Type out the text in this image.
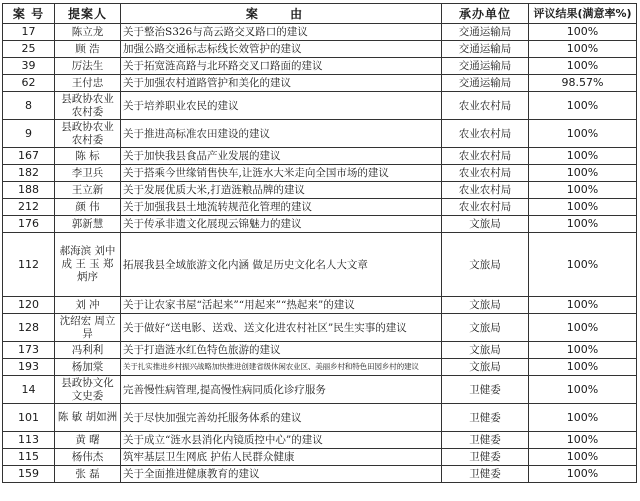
案 号	提案人	案 由	承办单位	评议结果(满意率%)
17	陈立龙	关于整治S326与高云路交叉路口的建议	交通运输局	100%
25	顾 浩	加强公路交通标志标线长效管护的建议	交通运输局	100%
39	厉法生	关于拓宽涟高路与北环路交叉口路面的建议	交通运输局	100%
62	王付忠	关于加强农村道路管护和美化的建议	交通运输局	98.57%
8	县政协农业农村委	关于培养职业农民的建议	农业农村局	100%
9	县政协农业农村委	关于推进高标准农田建设的建议	农业农村局	100%
167	陈 标	关于加快我县食品产业发展的建议	农业农村局	100%
182	李卫兵	关于搭乘今世缘销售快车,让涟水大米走向全国市场的建议	农业农村局	100%
188	王立新	关于发展优质大米,打造涟粮品牌的建议	农业农村局	100%
212	颜 伟	关于加强我县土地流转规范化管理的建议	农业农村局	100%
176	郭新慧	关于传承非遗文化展现云锦魅力的建议	文旅局	100%
112	郝海滨 刘中成 王 玉 郑炳序	拓展我县全域旅游文化内涵 做足历史文化名人大文章	文旅局	100%
120	刘 冲	关于让农家书屋“活起来”“用起来”“热起来”的建议	文旅局	100%
128	沈绍宏 周立异	关于做好“送电影、送戏、送文化进农村社区”民生实事的建议	文旅局	100%
173	冯利利	关于打造涟水红色特色旅游的建议	文旅局	100%
193	杨加棠	关于扎实推进乡村振兴战略加快推进创建省级休闲农业区、美丽乡村和特色田园乡村的建议	文旅局	100%
14	县政协文化文史委	完善慢性病管理,提高慢性病同质化诊疗服务	卫健委	100%
101	陈 敏 胡如洲	关于尽快加强完善幼托服务体系的建议	卫健委	100%
113	黄 曙	关于成立“涟水县消化内镜质控中心”的建议	卫健委	100%
115	杨伟杰	筑牢基层卫生网底 护佑人民群众健康	卫健委	100%
159	张 磊	关于全面推进健康教育的建议	卫健委	100%
